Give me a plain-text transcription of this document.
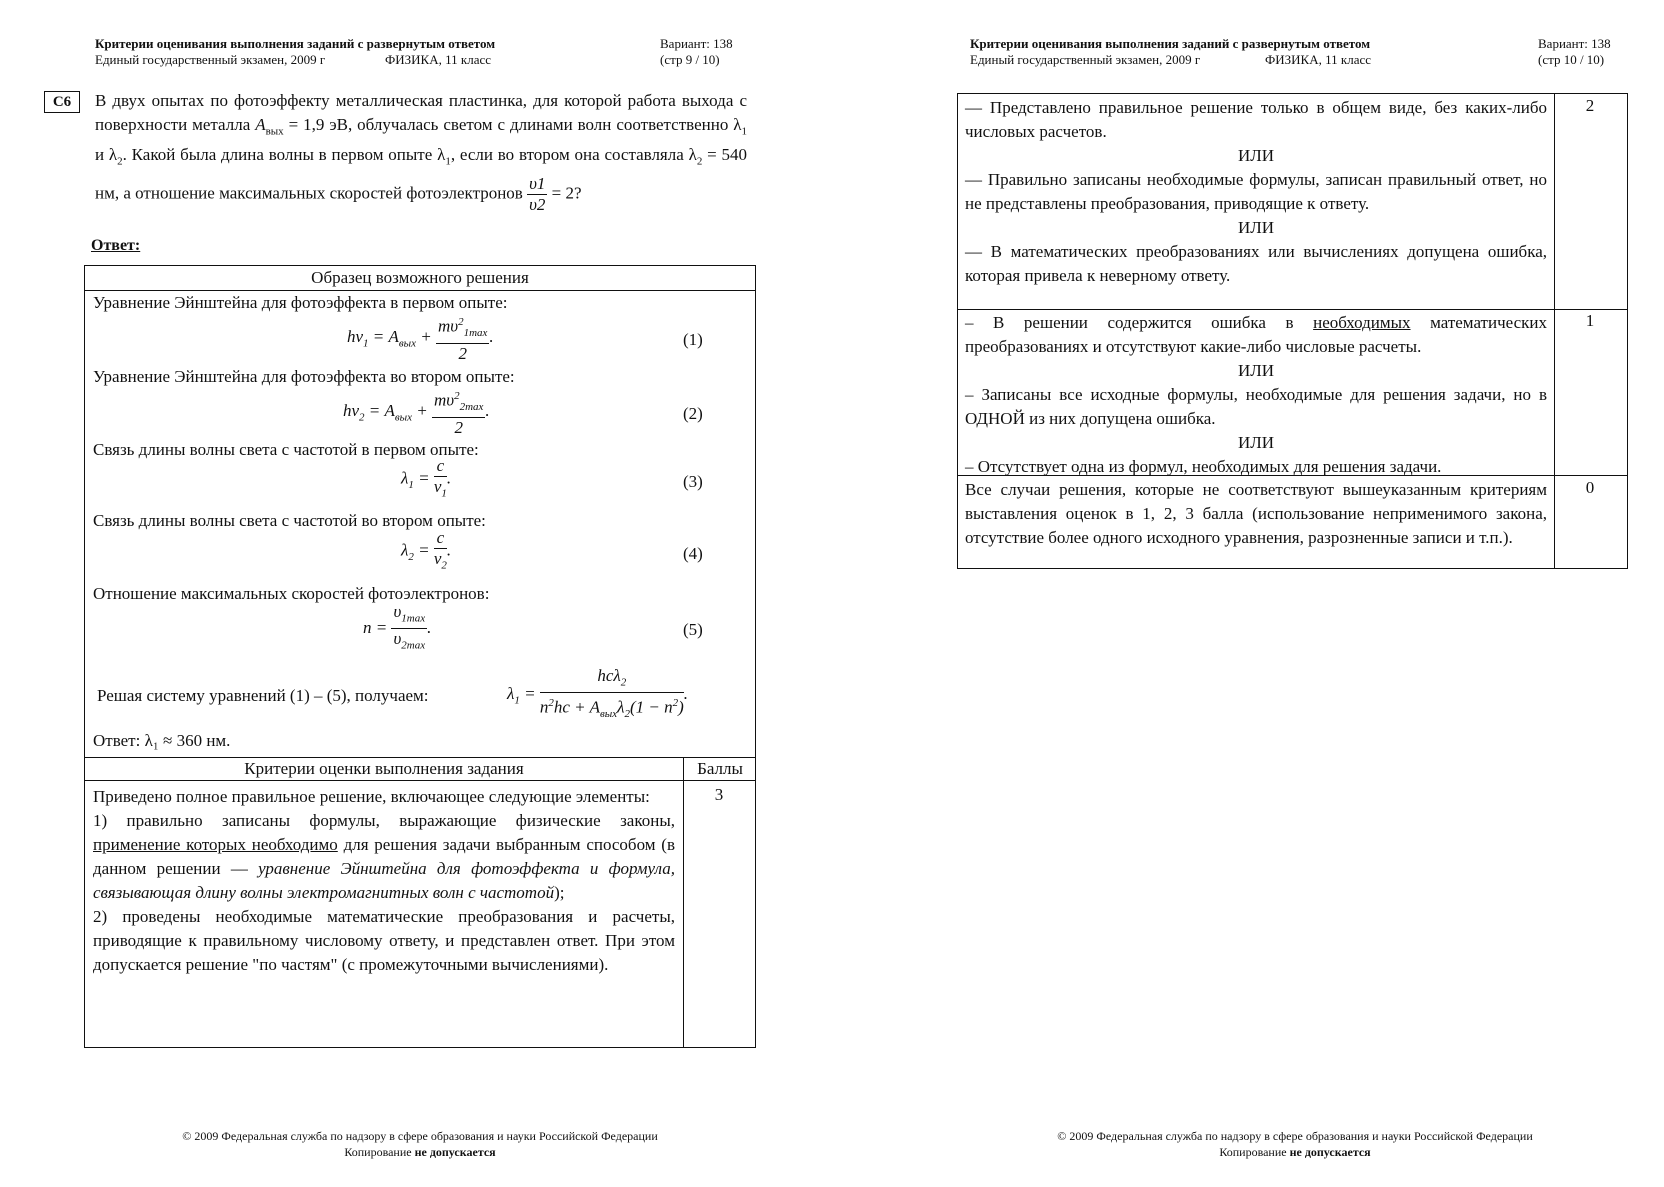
Критерии оценивания выполнения заданий с развернутым ответом
Единый государственный экзамен, 2009 г	ФИЗИКА, 11 класс
Вариант: 138
(стр 9 / 10)
С6	В двух опытах по фотоэффекту металлическая пластинка, для которой работа выхода с поверхности металла $A_{вых} = 1,9$ эВ, облучалась светом с длинами волн соответственно $\lambda_1$ и $\lambda_2$. Какой была длина волны в первом опыте $\lambda_1$, если во втором она составляла $\lambda_2 = 540$ нм, а отношение максимальных скоростей фотоэлектронов $\frac{\upsilon 1}{\upsilon 2} = 2$?
Ответ:
Образец возможного решения
Уравнение Эйнштейна для фотоэффекта в первом опыте:
$h\nu_1 = A_{вых} + \frac{m\upsilon^2_{1max}}{2}$ .	(1)
Уравнение Эйнштейна для фотоэффекта во втором опыте:
$h\nu_2 = A_{вых} + \frac{m\upsilon^2_{2max}}{2}$ .	(2)
Связь длины волны света с частотой в первом опыте:
$\lambda_1 = \frac{c}{\nu_1}$ .	(3)
Связь длины волны света с частотой во втором опыте:
$\lambda_2 = \frac{c}{\nu_2}$ .	(4)
Отношение максимальных скоростей фотоэлектронов:
$n = \frac{\upsilon_{1max}}{\upsilon_{2max}}$ .	(5)
Решая систему уравнений (1) – (5), получаем:	$\lambda_1 = \frac{hc\lambda_2}{n^2hc + A_{вых}\lambda_2(1 - n^2)}$ .
Ответ: λ₁ ≈ 360 нм.
Критерии оценки выполнения задания	Баллы

Приведено полное правильное решение, включающее следующие элементы:

1) правильно записаны формулы, выражающие физические законы, применение которых необходимо для решения задачи выбранным способом (в данном решении — уравнение Эйнштейна для фотоэффекта и формула, связывающая длину волны электромагнитных волн с частотой);

2) проведены необходимые математические преобразования и расчеты, приводящие к правильному числовому ответу, и представлен ответ. При этом допускается решение "по частям" (с промежуточными вычислениями).

3
© 2009 Федеральная служба по надзору в сфере образования и науки Российской Федерации
Копирование не допускается
Критерии оценивания выполнения заданий с развернутым ответом
Единый государственный экзамен, 2009 г	ФИЗИКА, 11 класс
Вариант: 138
(стр 10 / 10)

— Представлено правильное решение только в общем виде, без каких-либо числовых расчетов.

ИЛИ

— Правильно записаны необходимые формулы, записан правильный ответ, но не представлены преобразования, приводящие к ответу.

ИЛИ

— В математических преобразованиях или вычислениях допущена ошибка, которая привела к неверному ответу.

2

– В решении содержится ошибка в необходимых математических преобразованиях и отсутствуют какие-либо числовые расчеты.

ИЛИ

– Записаны все исходные формулы, необходимые для решения задачи, но в ОДНОЙ из них допущена ошибка.

ИЛИ

– Отсутствует одна из формул, необходимых для решения задачи.

1

Все случаи решения, которые не соответствуют вышеуказанным критериям выставления оценок в 1, 2, 3 балла (использование неприменимого закона, отсутствие более одного исходного уравнения, разрозненные записи и т.п.).

0
© 2009 Федеральная служба по надзору в сфере образования и науки Российской Федерации
Копирование не допускается
